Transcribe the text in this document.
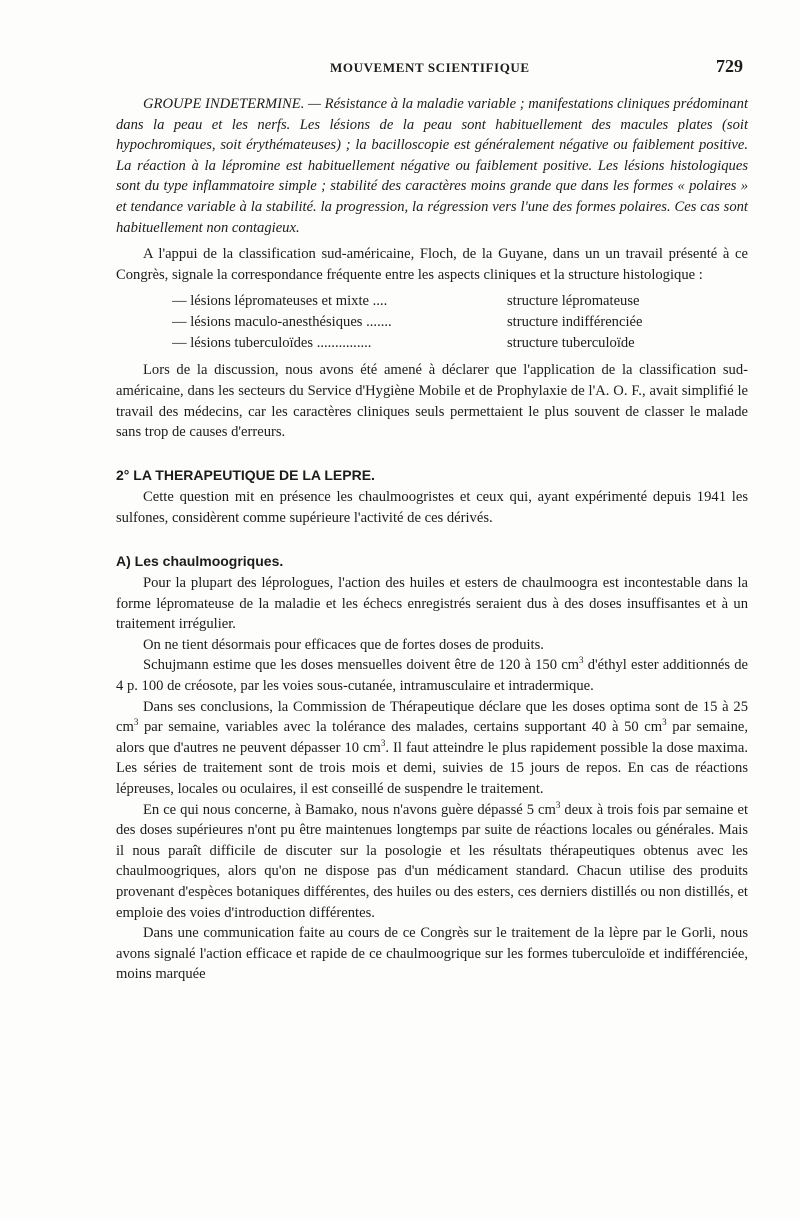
MOUVEMENT SCIENTIFIQUE	729

GROUPE INDETERMINE. — Résistance à la maladie variable ; manifestations cliniques prédominant dans la peau et les nerfs. Les lésions de la peau sont habituellement des macules plates (soit hypochromiques, soit érythémateuses) ; la bacilloscopie est généralement négative ou faiblement positive. La réaction à la léprominе est habituellement négative ou faiblement positive. Les lésions histologiques sont du type inflammatoire simple ; stabilité des caractères moins grande que dans les formes « polaires » et tendance variable à la stabilité. la progression, la régression vers l'une des formes polaires. Ces cas sont habituellement non contagieux.

A l'appui de la classification sud-américaine, Floch, de la Guyane, dans un un travail présenté à ce Congrès, signale la correspondance fréquente entre les aspects cliniques et la structure histologique :

— lésions lépromateuses et mixte ....	structure lépromateuse
— lésions maculo-anesthésiques .......	structure indifférenciée
— lésions tuberculoïdes ...............	structure tuberculoïde

Lors de la discussion, nous avons été amené à déclarer que l'application de la classification sud-américaine, dans les secteurs du Service d'Hygiène Mobile et de Prophylaxie de l'A. O. F., avait simplifié le travail des médecins, car les caractères cliniques seuls permettaient le plus souvent de classer le malade sans trop de causes d'erreurs.

2° LA THERAPEUTIQUE DE LA LEPRE.

Cette question mit en présence les chaulmoogristes et ceux qui, ayant expérimenté depuis 1941 les sulfones, considèrent comme supérieure l'activité de ces dérivés.

A) Les chaulmoogriques.

Pour la plupart des léprologues, l'action des huiles et esters de chaulmoogra est incontestable dans la forme lépromateuse de la maladie et les échecs enregistrés seraient dus à des doses insuffisantes et à un traitement irrégulier.

On ne tient désormais pour efficaces que de fortes doses de produits.

Schujmann estime que les doses mensuelles doivent être de 120 à 150 $cm^3$ d'éthyl ester additionnés de 4 p. 100 de créosote, par les voies sous-cutanée, intramusculaire et intradermique.

Dans ses conclusions, la Commission de Thérapeutique déclare que les doses optima sont de 15 à 25 $cm^3$ par semaine, variables avec la tolérance des malades, certains supportant 40 à 50 $cm^3$ par semaine, alors que d'autres ne peuvent dépasser 10 $cm^3$. Il faut atteindre le plus rapidement possible la dose maxima. Les séries de traitement sont de trois mois et demi, suivies de 15 jours de repos. En cas de réactions lépreuses, locales ou oculaires, il est conseillé de suspendre le traitement.

En ce qui nous concerne, à Bamako, nous n'avons guère dépassé 5 $cm^3$ deux à trois fois par semaine et des doses supérieures n'ont pu être maintenues longtemps par suite de réactions locales ou générales. Mais il nous paraît difficile de discuter sur la posologie et les résultats thérapeutiques obtenus avec les chaulmoogriques, alors qu'on ne dispose pas d'un médicament standard. Chacun utilise des produits provenant d'espèces botaniques différentes, des huiles ou des esters, ces derniers distillés ou non distillés, et emploie des voies d'introduction différentes.

Dans une communication faite au cours de ce Congrès sur le traitement de la lèpre par le Gorli, nous avons signalé l'action efficace et rapide de ce chaulmoogrique sur les formes tuberculoïde et indifférenciée, moins marquée
